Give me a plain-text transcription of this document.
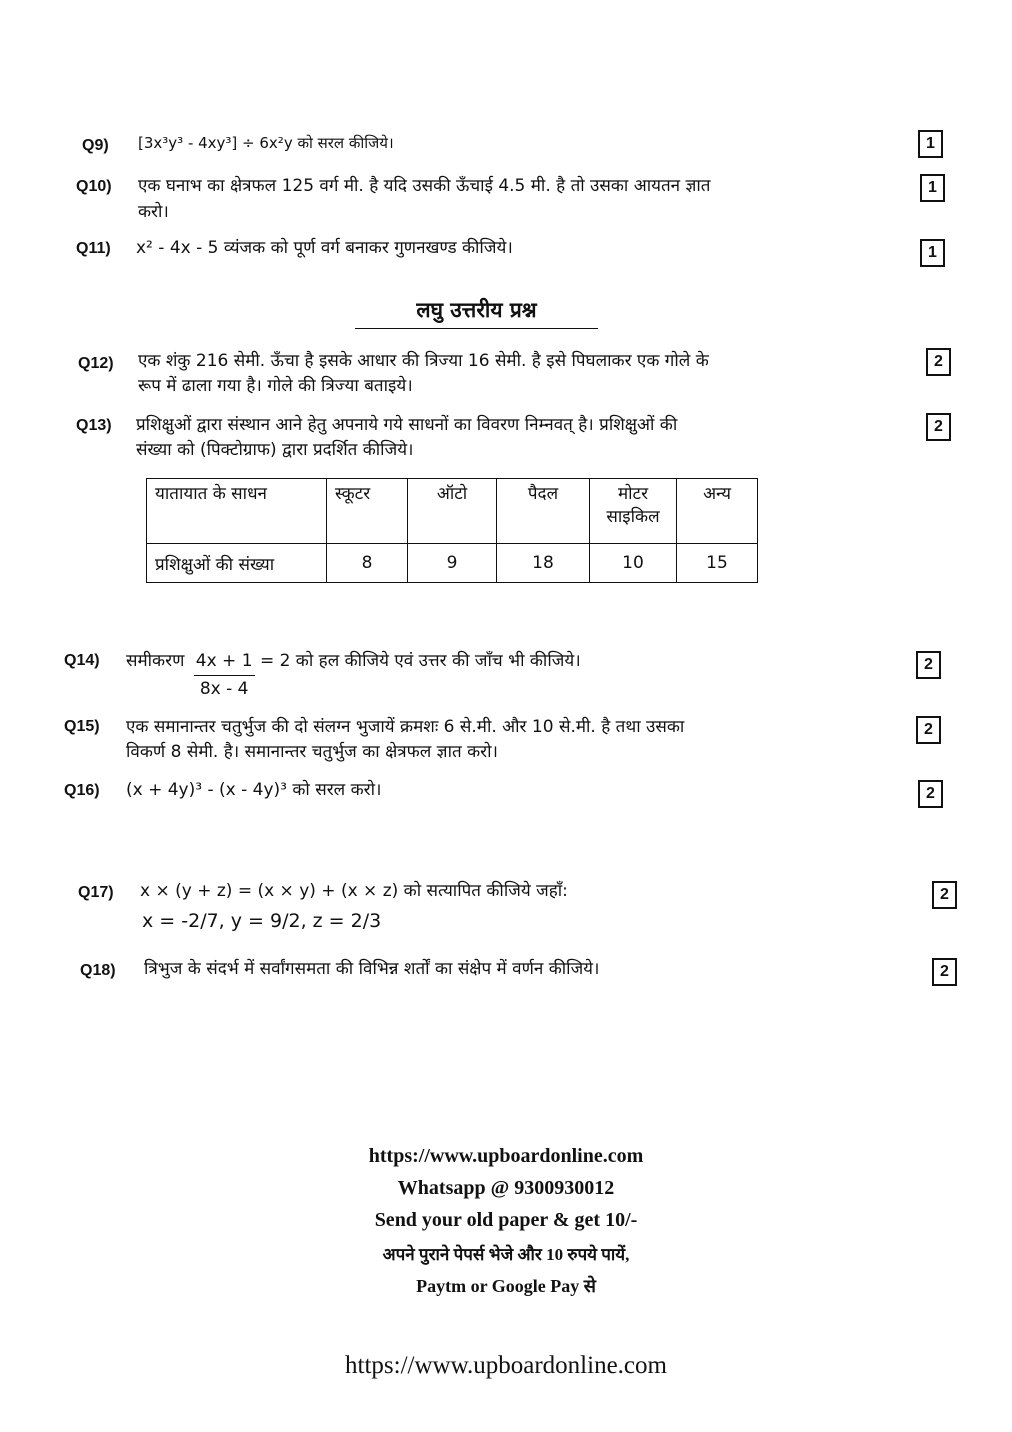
Q9) [3x³y³ - 4xy³] ÷ 6x²y को सरल कीजिये।	1
Q10) एक घनाभ का क्षेत्रफल 125 वर्ग मी. है यदि उसकी ऊँचाई 4.5 मी. है तो उसका आयतन ज्ञात
करो।
1
Q11) x² - 4x - 5 व्यंजक को पूर्ण वर्ग बनाकर गुणनखण्ड कीजिये।	1
लघु उत्तरीय प्रश्न
Q12) एक शंकु 216 सेमी. ऊँचा है इसके आधार की त्रिज्या 16 सेमी. है इसे पिघलाकर एक गोले के
रूप में ढाला गया है। गोले की त्रिज्या बताइये।
2
Q13) प्रशिक्षुओं द्वारा संस्थान आने हेतु अपनाये गये साधनों का विवरण निम्नवत् है। प्रशिक्षुओं की
संख्या को (पिक्टोग्राफ) द्वारा प्रदर्शित कीजिये।
2
यातायात के साधन	स्कूटर	ऑटो	पैदल	मोटर साइकिल	अन्य
प्रशिक्षुओं की संख्या	8	9	18	10	15
Q14) समीकरण $\frac{4x + 1}{8x - 4} = 2$ को हल कीजिये एवं उत्तर की जाँच भी कीजिये।	2
Q15) एक समानान्तर चतुर्भुज की दो संलग्न भुजायें क्रमशः 6 से.मी. और 10 से.मी. है तथा उसका
विकर्ण 8 सेमी. है। समानान्तर चतुर्भुज का क्षेत्रफल ज्ञात करो।
2
Q16) (x + 4y)³ - (x - 4y)³ को सरल करो।	2
Q17) x × (y + z) = (x × y) + (x × z) को सत्यापित कीजिये जहाँ:
x = -2/7, y = 9/2, z = 2/3
2
Q18) त्रिभुज के संदर्भ में सर्वांगसमता की विभिन्न शर्तों का संक्षेप में वर्णन कीजिये।	2
https://www.upboardonline.com
Whatsapp @ 9300930012
Send your old paper & get 10/-
अपने पुराने पेपर्स भेजे और 10 रुपये पायें,
Paytm or Google Pay से
https://www.upboardonline.com
